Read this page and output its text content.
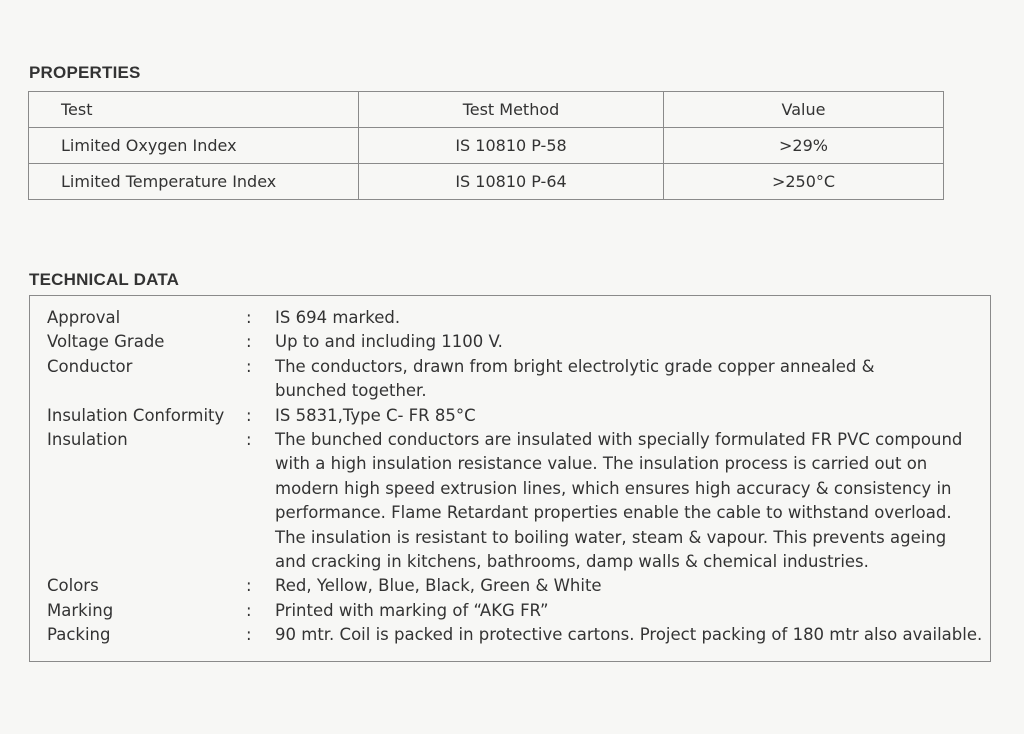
PROPERTIES
Test	Test Method	Value
Limited Oxygen Index	IS 10810 P-58	>29%
Limited Temperature Index	IS 10810 P-64	>250°C
TECHNICAL DATA
Approval	:	IS 694 marked.
Voltage Grade	:	Up to and including 1100 V.
Conductor	:	The conductors, drawn from bright electrolytic grade copper annealed &
bunched together.
Insulation Conformity	:	IS 5831,Type C- FR 85°C
Insulation	:	The bunched conductors are insulated with specially formulated FR PVC compound
with a high insulation resistance value. The insulation process is carried out on
modern high speed extrusion lines, which ensures high accuracy & consistency in
performance. Flame Retardant properties enable the cable to withstand overload.
The insulation is resistant to boiling water, steam & vapour. This prevents ageing
and cracking in kitchens, bathrooms, damp walls & chemical industries.
Colors	:	Red, Yellow, Blue, Black, Green & White
Marking	:	Printed with marking of “AKG FR”
Packing	:	90 mtr. Coil is packed in protective cartons. Project packing of 180 mtr also available.
